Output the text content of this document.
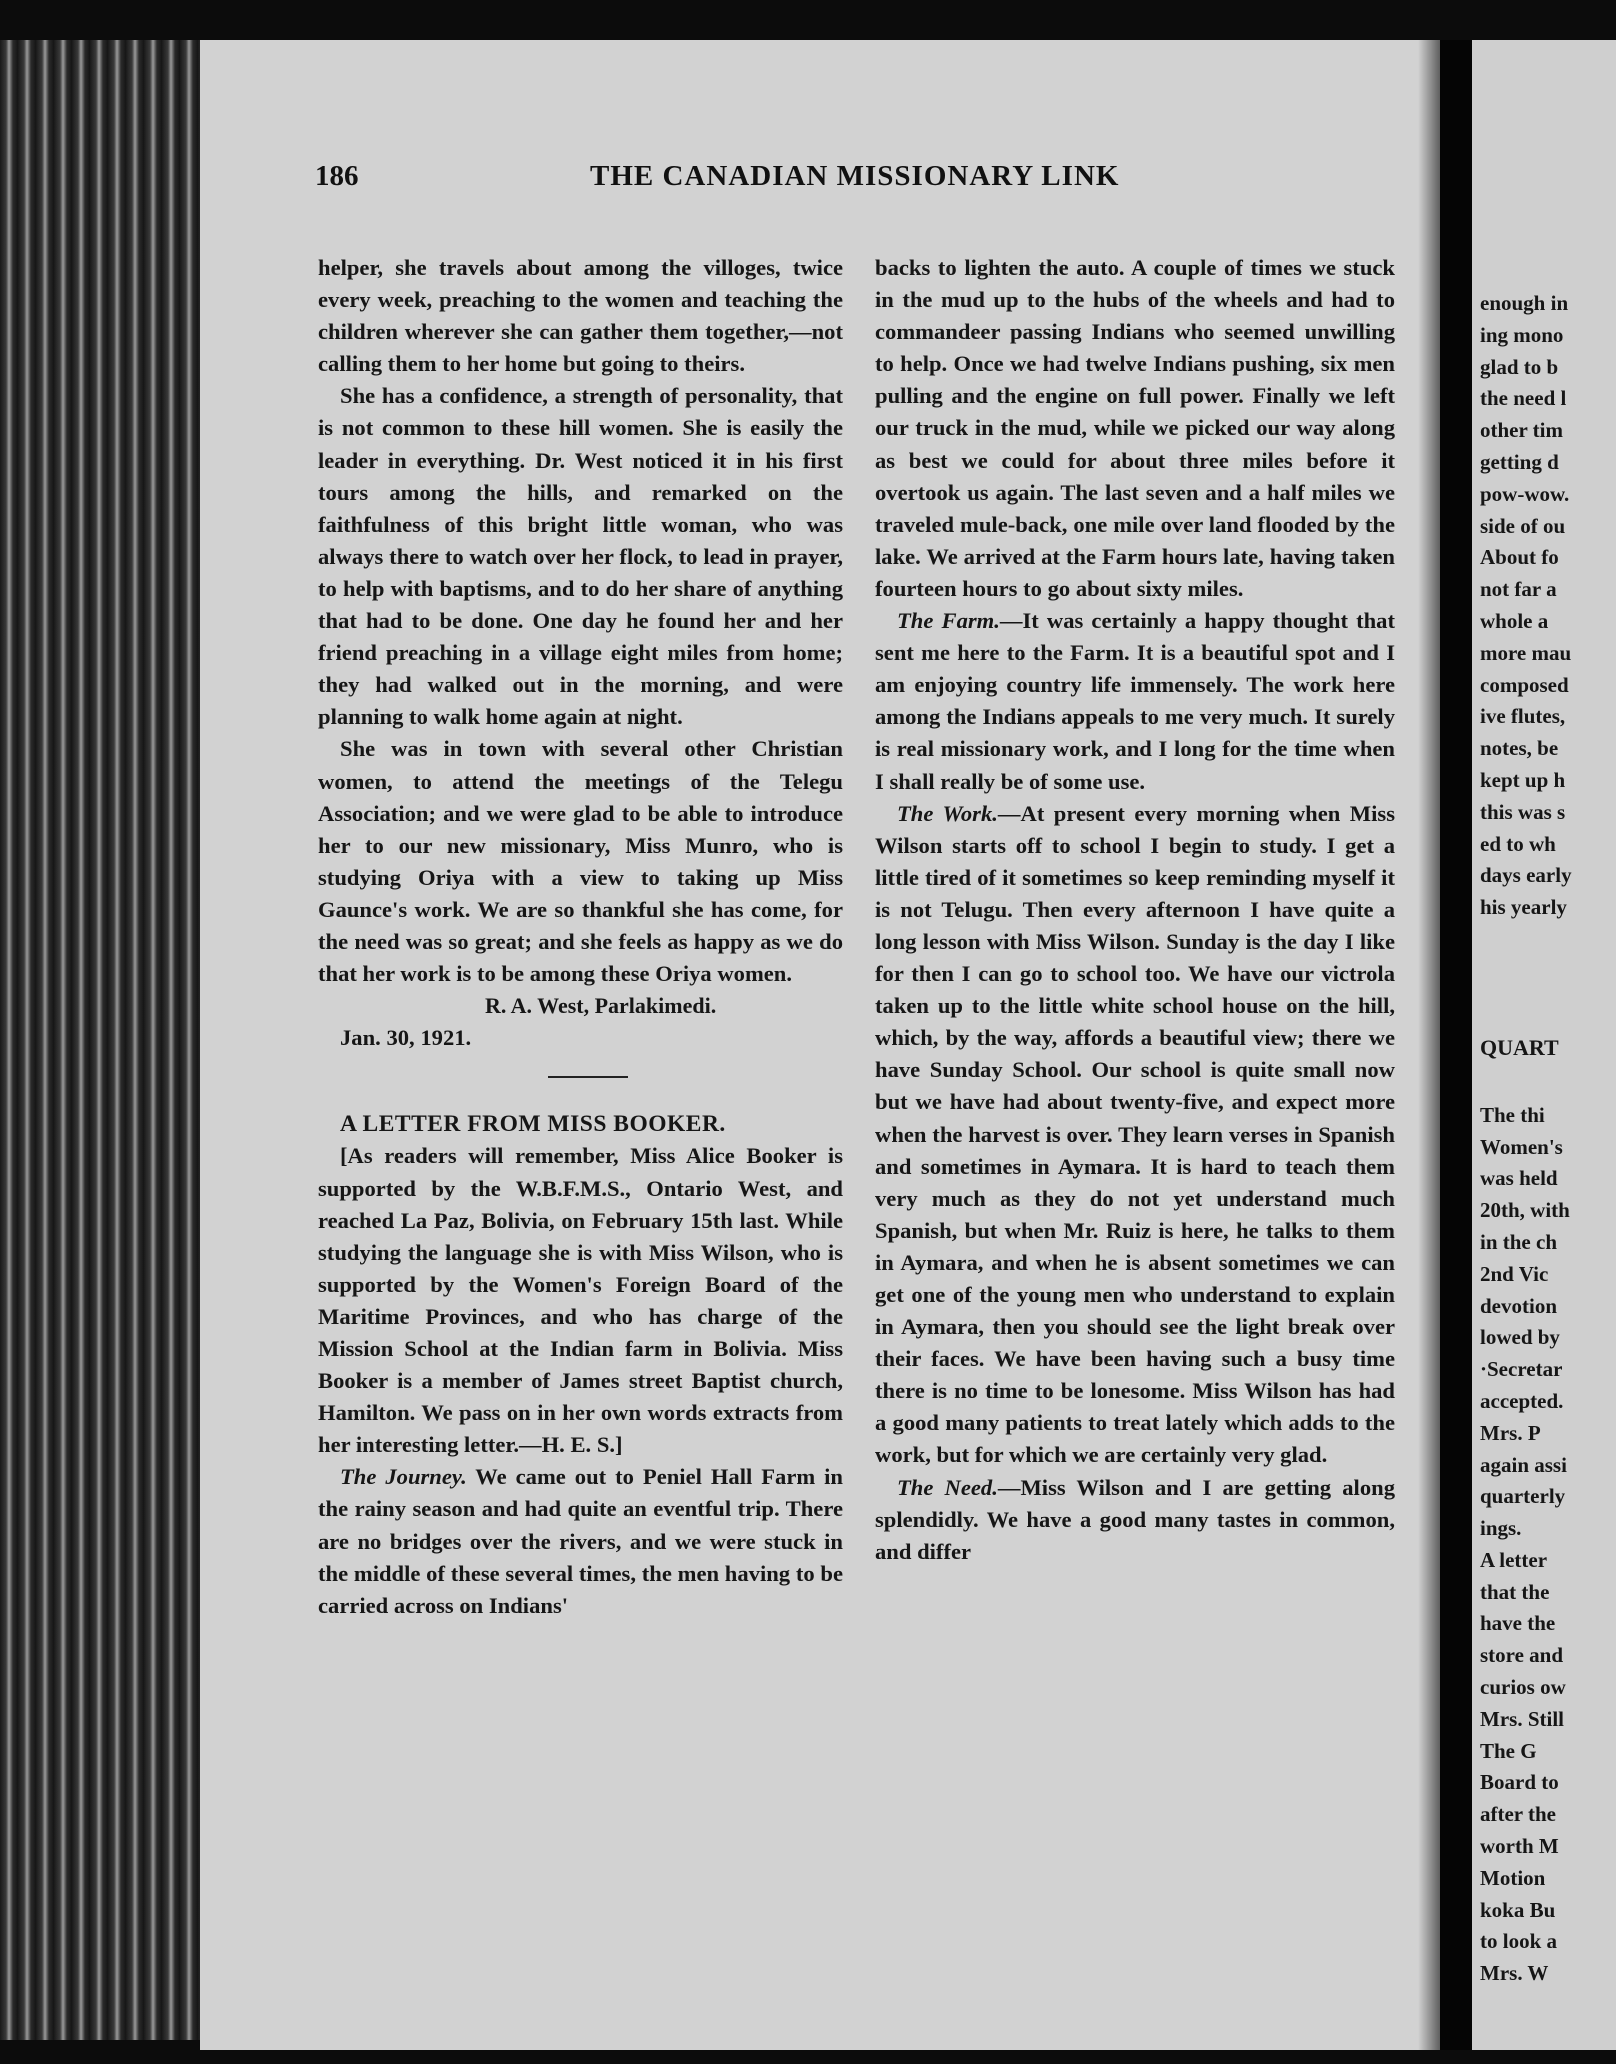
186	THE CANADIAN MISSIONARY LINK

helper, she travels about among the villoges, twice every week, preaching to the women and teaching the children wherever she can gather them together,—not calling them to her home but going to theirs.

She has a confidence, a strength of personality, that is not common to these hill women. She is easily the leader in everything. Dr. West noticed it in his first tours among the hills, and remarked on the faithfulness of this bright little woman, who was always there to watch over her flock, to lead in prayer, to help with baptisms, and to do her share of anything that had to be done. One day he found her and her friend preaching in a village eight miles from home; they had walked out in the morning, and were planning to walk home again at night.

She was in town with several other Christian women, to attend the meetings of the Telegu Association; and we were glad to be able to introduce her to our new missionary, Miss Munro, who is studying Oriya with a view to taking up Miss Gaunce's work. We are so thankful she has come, for the need was so great; and she feels as happy as we do that her work is to be among these Oriya women.

R. A. West, Parlakimedi.

Jan. 30, 1921.

A LETTER FROM MISS BOOKER.

[As readers will remember, Miss Alice Booker is supported by the W.B.F.M.S., Ontario West, and reached La Paz, Bolivia, on February 15th last. While studying the language she is with Miss Wilson, who is supported by the Women's Foreign Board of the Maritime Provinces, and who has charge of the Mission School at the Indian farm in Bolivia. Miss Booker is a member of James street Baptist church, Hamilton. We pass on in her own words extracts from her interesting letter.—H. E. S.]

The Journey. We came out to Peniel Hall Farm in the rainy season and had quite an eventful trip. There are no bridges over the rivers, and we were stuck in the middle of these several times, the men having to be carried across on Indians'

backs to lighten the auto. A couple of times we stuck in the mud up to the hubs of the wheels and had to commandeer passing Indians who seemed unwilling to help. Once we had twelve Indians pushing, six men pulling and the engine on full power. Finally we left our truck in the mud, while we picked our way along as best we could for about three miles before it overtook us again. The last seven and a half miles we traveled mule-back, one mile over land flooded by the lake. We arrived at the Farm hours late, having taken fourteen hours to go about sixty miles.

The Farm.—It was certainly a happy thought that sent me here to the Farm. It is a beautiful spot and I am enjoying country life immensely. The work here among the Indians appeals to me very much. It surely is real missionary work, and I long for the time when I shall really be of some use.

The Work.—At present every morning when Miss Wilson starts off to school I begin to study. I get a little tired of it sometimes so keep reminding myself it is not Telugu. Then every afternoon I have quite a long lesson with Miss Wilson. Sunday is the day I like for then I can go to school too. We have our victrola taken up to the little white school house on the hill, which, by the way, affords a beautiful view; there we have Sunday School. Our school is quite small now but we have had about twenty-five, and expect more when the harvest is over. They learn verses in Spanish and sometimes in Aymara. It is hard to teach them very much as they do not yet understand much Spanish, but when Mr. Ruiz is here, he talks to them in Aymara, and when he is absent sometimes we can get one of the young men who understand to explain in Aymara, then you should see the light break over their faces. We have been having such a busy time there is no time to be lonesome. Miss Wilson has had a good many patients to treat lately which adds to the work, but for which we are certainly very glad.

The Need.—Miss Wilson and I are getting along splendidly. We have a good many tastes in common, and differ

enough in
ing mono
glad to b
the need l
other tim
getting d
pow-wow.
side of ou
About fo
not far a
whole a
more mau
composed
ive flutes,
notes, be
kept up h
this was s
ed to wh
days early
his yearly
QUART
The thi
Women's
was held
20th, with
in the ch
2nd Vic
devotion
lowed by
·Secretar
accepted.
Mrs. P
again assi
quarterly
ings.
A letter
that the
have the
store and
curios ow
Mrs. Still
The G
Board to
after the
worth M
Motion
koka Bu
to look a
Mrs. W
